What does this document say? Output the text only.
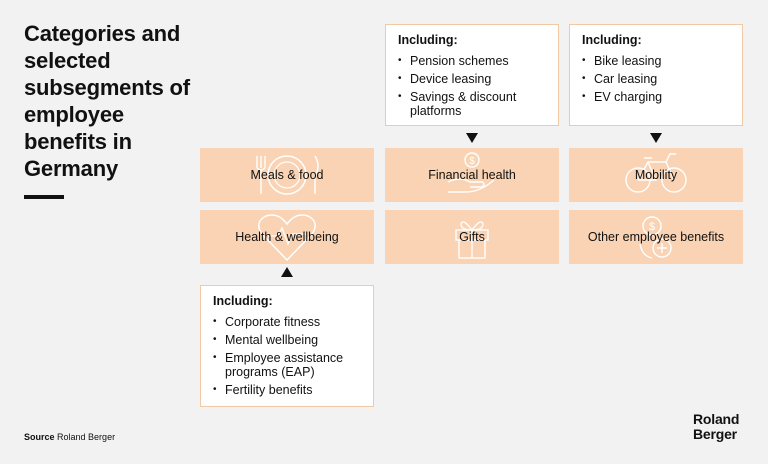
Categories and selected subsegments of employee benefits in Germany
Including:
• Pension schemes
• Device leasing
• Savings & discount platforms
Including:
• Bike leasing
• Car leasing
• EV charging
Meals & food
$
Financial health	Mobility
Health & wellbeing	Gifts
$
Other employee benefits
Including:
• Corporate fitness
• Mental wellbeing
• Employee assistance programs (EAP)
• Fertility benefits
Source Roland Berger
Roland
Berger
